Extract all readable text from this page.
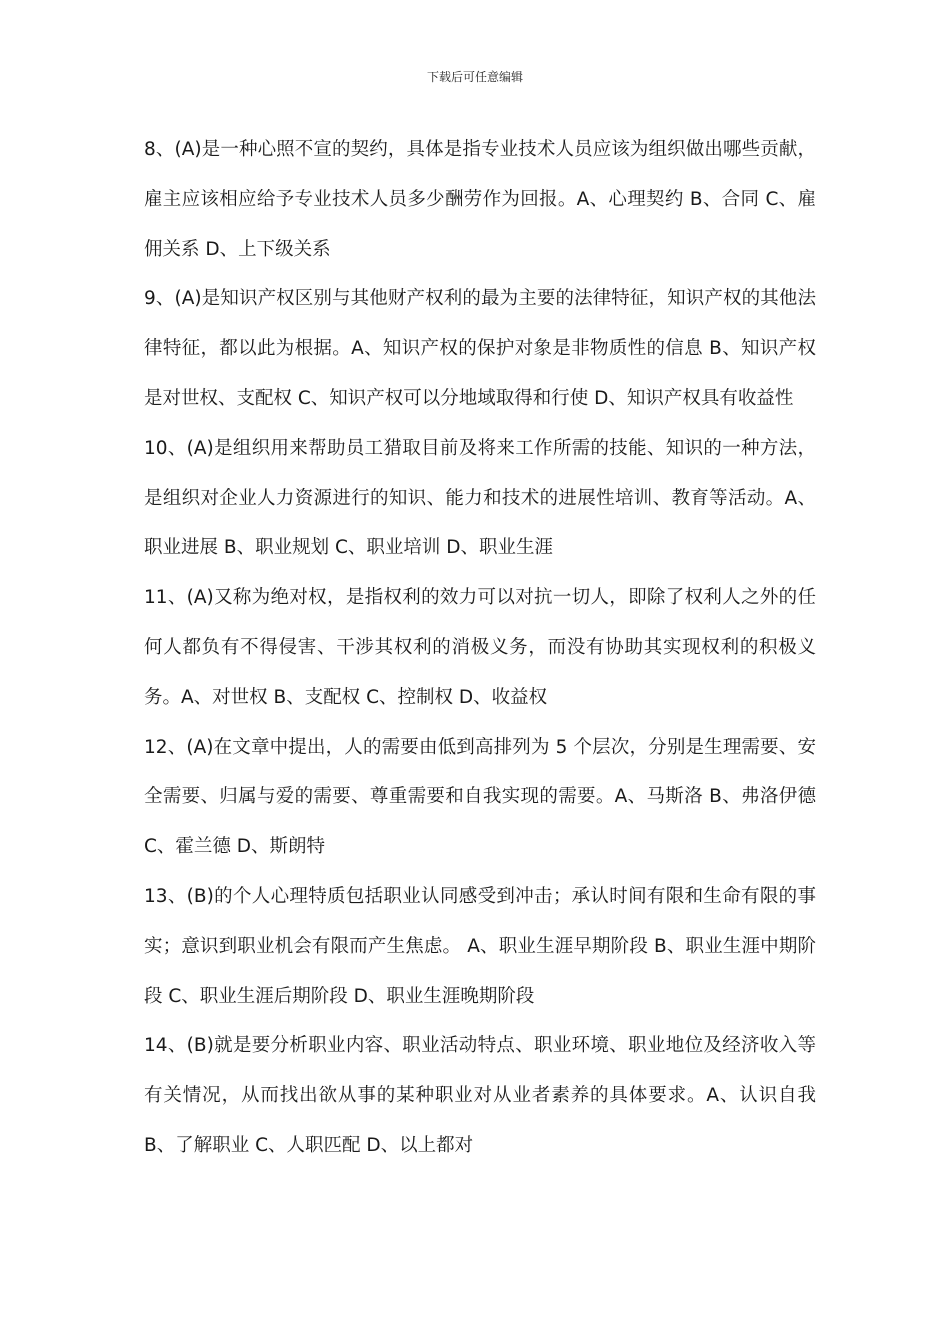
下载后可任意编辑

8、(A)是一种心照不宣的契约，具体是指专业技术人员应该为组织做出哪些贡献，雇主应该相应给予专业技术人员多少酬劳作为回报。A、心理契约 B、合同 C、雇佣关系 D、上下级关系

9、(A)是知识产权区别与其他财产权利的最为主要的法律特征，知识产权的其他法律特征，都以此为根据。A、知识产权的保护对象是非物质性的信息 B、知识产权是对世权、支配权 C、知识产权可以分地域取得和行使 D、知识产权具有收益性

10、(A)是组织用来帮助员工猎取目前及将来工作所需的技能、知识的一种方法，是组织对企业人力资源进行的知识、能力和技术的进展性培训、教育等活动。A、职业进展 B、职业规划 C、职业培训 D、职业生涯

11、(A)又称为绝对权，是指权利的效力可以对抗一切人，即除了权利人之外的任何人都负有不得侵害、干涉其权利的消极义务，而没有协助其实现权利的积极义务。A、对世权 B、支配权 C、控制权 D、收益权

12、(A)在文章中提出，人的需要由低到高排列为 5 个层次，分别是生理需要、安全需要、归属与爱的需要、尊重需要和自我实现的需要。A、马斯洛 B、弗洛伊德 C、霍兰德 D、斯朗特

13、(B)的个人心理特质包括职业认同感受到冲击；承认时间有限和生命有限的事实；意识到职业机会有限而产生焦虑。 A、职业生涯早期阶段 B、职业生涯中期阶段 C、职业生涯后期阶段 D、职业生涯晚期阶段

14、(B)就是要分析职业内容、职业活动特点、职业环境、职业地位及经济收入等有关情况，从而找出欲从事的某种职业对从业者素养的具体要求。A、认识自我 B、了解职业 C、人职匹配 D、以上都对
